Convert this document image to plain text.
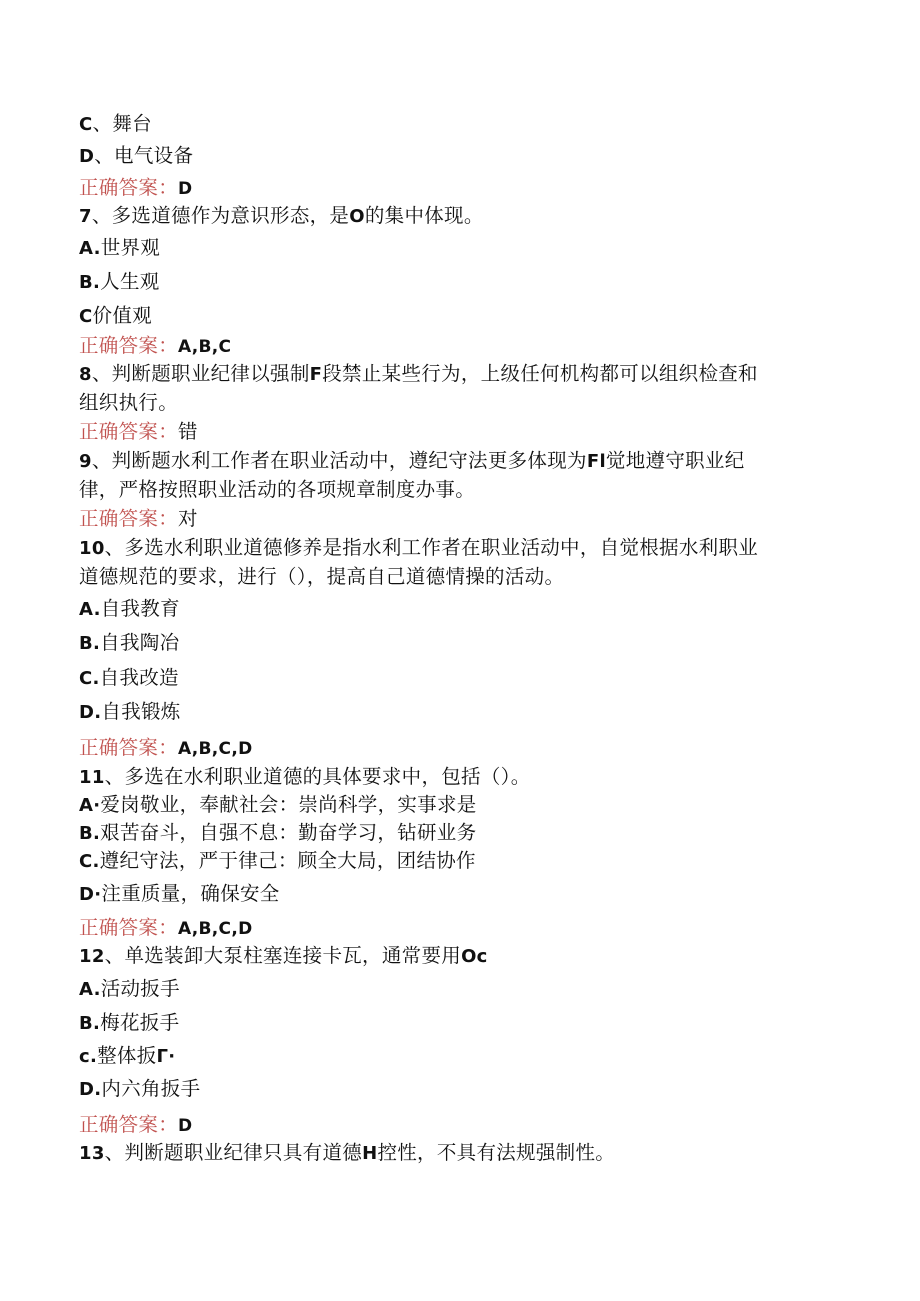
C、舞台
D、电气设备
正确答案：D
7、多选道德作为意识形态，是O的集中体现。
A.世界观
B.人生观
C价值观
正确答案：A,B,C
8、判断题职业纪律以强制F段禁止某些行为，上级任何机构都可以组织检查和
组织执行。
正确答案：错
9、判断题水利工作者在职业活动中，遵纪守法更多体现为Fl觉地遵守职业纪
律，严格按照职业活动的各项规章制度办事。
正确答案：对
10、多选水利职业道德修养是指水利工作者在职业活动中，自觉根据水利职业
道德规范的要求，进行（），提高自己道德情操的活动。
A.自我教育
B.自我陶冶
C.自我改造
D.自我锻炼
正确答案：A,B,C,D
11、多选在水利职业道德的具体要求中，包括（）。
A·爱岗敬业，奉献社会：崇尚科学，实事求是
B.艰苦奋斗，自强不息：勤奋学习，钻研业务
C.遵纪守法，严于律己：顾全大局，团结协作
D·注重质量，确保安全
正确答案：A,B,C,D
12、单选装卸大泵柱塞连接卡瓦，通常要用Oc
A.活动扳手
B.梅花扳手
c.整体扳Γ·
D.内六角扳手
正确答案：D
13、判断题职业纪律只具有道德H控性，不具有法规强制性。
